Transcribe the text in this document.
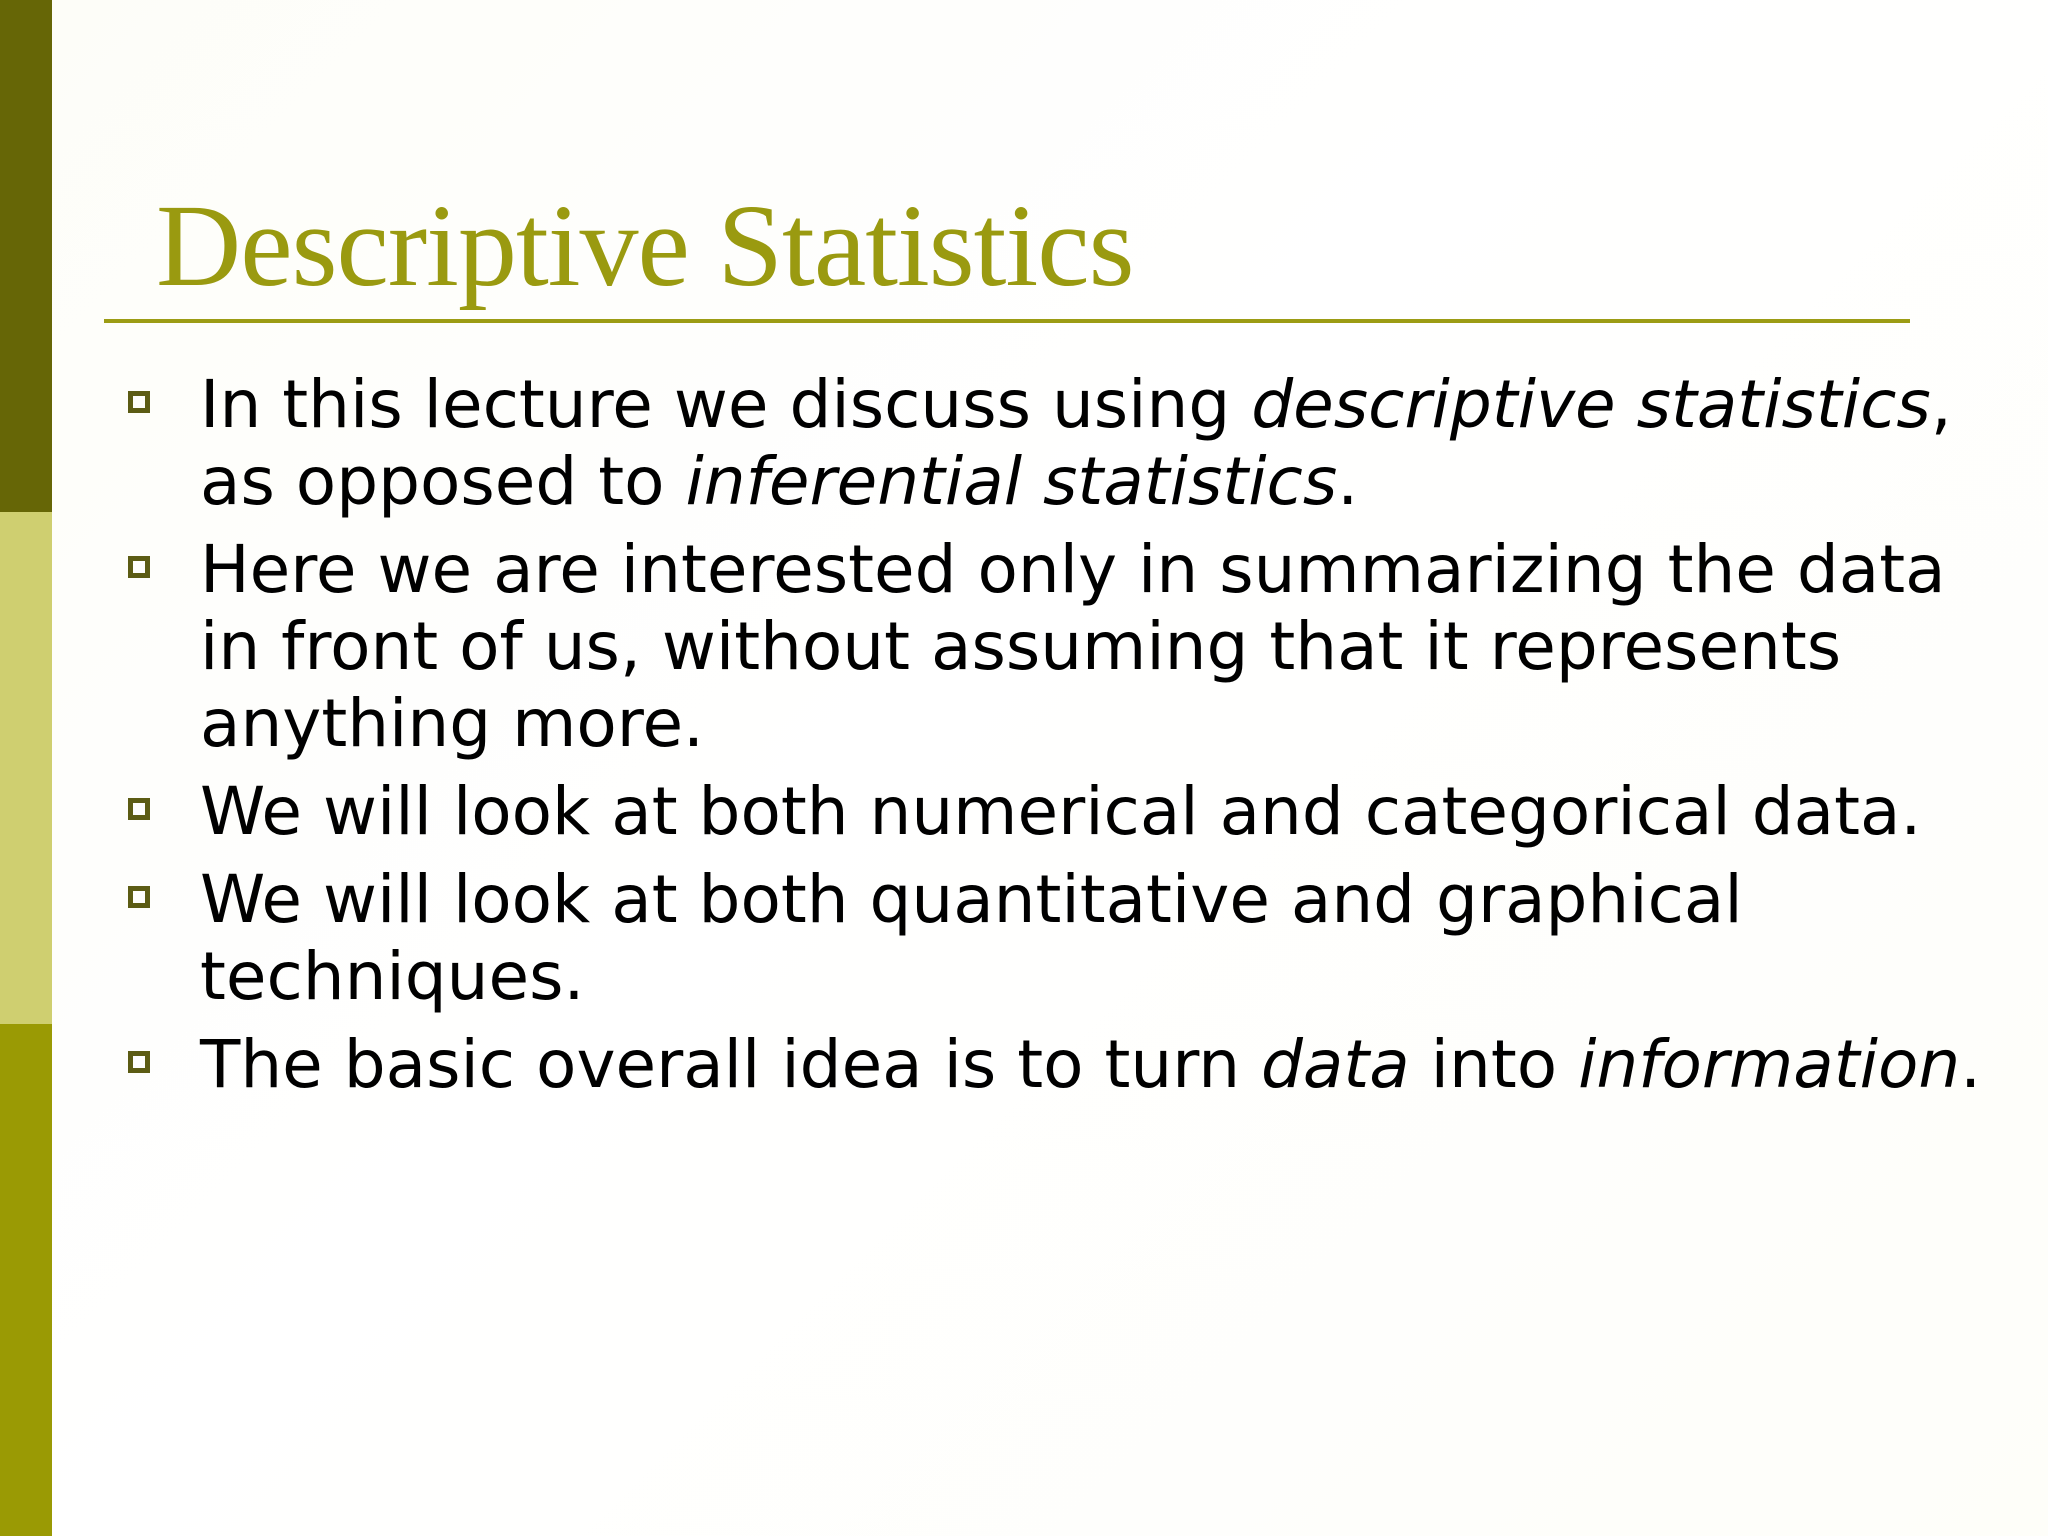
Descriptive Statistics
In this lecture we discuss using descriptive statistics, as opposed to inferential statistics.
Here we are interested only in summarizing the data in front of us, without assuming that it represents anything more.
We will look at both numerical and categorical data.
We will look at both quantitative and graphical techniques.
The basic overall idea is to turn data into information.
